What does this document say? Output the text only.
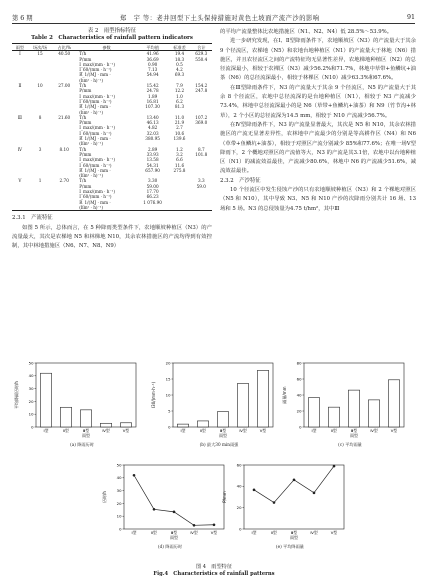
第 6 期	郑　宇 等：老井回型下土头保持措施对黄色土坡面产流产沙的影响	91
表 2　雨型指标特征
Table 2　Characteristics of rainfall pattern indicators
雨型	场次/场	占比/%	参数	平均值	标准差	合计
Ⅰ	15	40.50	T/h	41.96	19.4	629.3
			P/mm	36.69	18.3	550.4
			I_max/(mm · h⁻¹)	0.90	0.5	
			I_60/(mm · h⁻¹)	7.13	4.2	
			R_1/(MJ · mm ·	54.94	69.3	
			(hm² · h)⁻¹)			
Ⅱ	10	27.00	T/h	15.42	7.9	154.2
			P/mm	24.78	12.2	247.8
			I_max/(mm · h⁻¹)	1.89	1.0	
			I_60/(mm · h⁻¹)	16.81	6.2	
			R_1/(MJ · mm ·	107.30	81.3	
			(hm² · h)⁻¹)			
Ⅲ	8	21.60	T/h	13.40	11.0	107.2
			P/mm	46.13	21.9	369.0
			I_max/(mm · h⁻¹)	4.82	2.7	
			I_60/(mm · h⁻¹)	32.03	10.6	
			R_1/(MJ · mm ·	380.95	139.6	
			(hm² · h)⁻¹)			
Ⅳ	3	8.10	T/h	2.89	1.2	8.7
			P/mm	33.93	3.2	101.8
			I_max/(mm · h⁻¹)	13.58	6.6	
			I_60/(mm · h⁻¹)	54.31	11.6	
			R_1/(MJ · mm ·	657.90	275.8	
			(hm² · h)⁻¹)			
Ⅴ	1	2.70	T/h	3.30		3.3
			P/mm	59.00		59.0
			I_max/(mm · h⁻¹)	17.70		
			I_60/(mm · h⁻¹)	66.23		
			R_1/(MJ · mm ·	1 076.90		
			(hm² · h)⁻¹)			
2.3.1　产流特征
如图 5 所示，总体而言，在 5 种降雨类型条件下，农地顺坡种植区（N3）的产流量最大，其次是农梯地 N5 和林梯地 N10，其余农林措施区的产流均得到有效控制，其中林地措施区（N6、N7、N8、N9）
的平均产流量整体比农地措施区（N1、N2、N4）低 28.5%～53.9%。
进一步研究发现，在Ⅰ、Ⅱ型降雨条件下，农地顺坡区（N3）的产流量大于其余 9 个径流区，农梯地（N5）和农地台地种植区（N1）的产流量大于林地（N6）措施区，并且农径流区之间的产流特征均无显著性差异，农地梯地种植区（N2）的总径流深最小，相较于农裸区（N3）减少56.2%和71.7%，林地中草带+鱼鳞坑+油茶（N6）的总径流深最小，相较于林裸区（N10）减少63.3%和67.6%。
在Ⅲ型降雨条件下，N3 的产流量大于其余 9 个径流区，N5 的产流量大于其余 8 个径流区，农地中总径流深的是台地种植区（N1），相较于 N3 产流减少73.4%，林地中总径流深最小的是 N6（草带+鱼鳞坑+油茶）和 N9（竹节沟+林草），2 个小区的总径流深为14.5 mm，相较于 N10 产流减少56.7%。
在Ⅳ型降雨条件下，N3 的产流量显著最大，其次是 N5 和 N10，其余农林措施区的产流无显著差异性，农林地中产流最少的分别是等高耕作区（N4）和 N6（草带+鱼鳞坑+油茶），相较于对照区产流分别减少 85%和77.6%；在唯一场Ⅴ型降雨下，2 个概地对照区的产流值等大，N3 的产流是其3.1倍，农地中以台地种植区（N1）的减流效益最佳，产流减少80.6%，林地中 N6 的产流减少51.6%，减流效益最佳。
2.3.2　产沙特征
10 个径流区中发生侵蚀产沙的只有农地顺坡种植区（N3）和 2 个裸地对照区（N5 和 N10），其中导致 N3、N5 和 N10 产沙的次降雨分别共计 16 场、13 场和 5 场。N3 的总侵蚀量为4.75 t/hm²，其中Ⅲ
图 4　雨型特征
Fig.4　Characteristics of rainfall patterns
平均降雨历时/h
0
10
20
30
40
50
Ⅰ型	Ⅱ型	Ⅲ型	Ⅳ型	Ⅴ型
雨型
(a) 降雨历时
I30/(mm·h⁻¹)
0
5
10
15
20
Ⅰ型	Ⅱ型	Ⅲ型	Ⅳ型	Ⅴ型
雨型
(b) 最大30 min雨强
雨量/mm
0
20
40
60
80
Ⅰ型	Ⅱ型	Ⅲ型	Ⅳ型	Ⅴ型
雨型
(c) 平均雨量
历时/h
0
10
20
30
40
50
Ⅰ型	Ⅱ型	Ⅲ型	Ⅳ型	Ⅴ型
雨型
(d) 降雨历时
P/mm
0
20
40
60
Ⅰ型	Ⅱ型	Ⅲ型	Ⅳ型	Ⅴ型
雨型
(e) 平均降雨量
